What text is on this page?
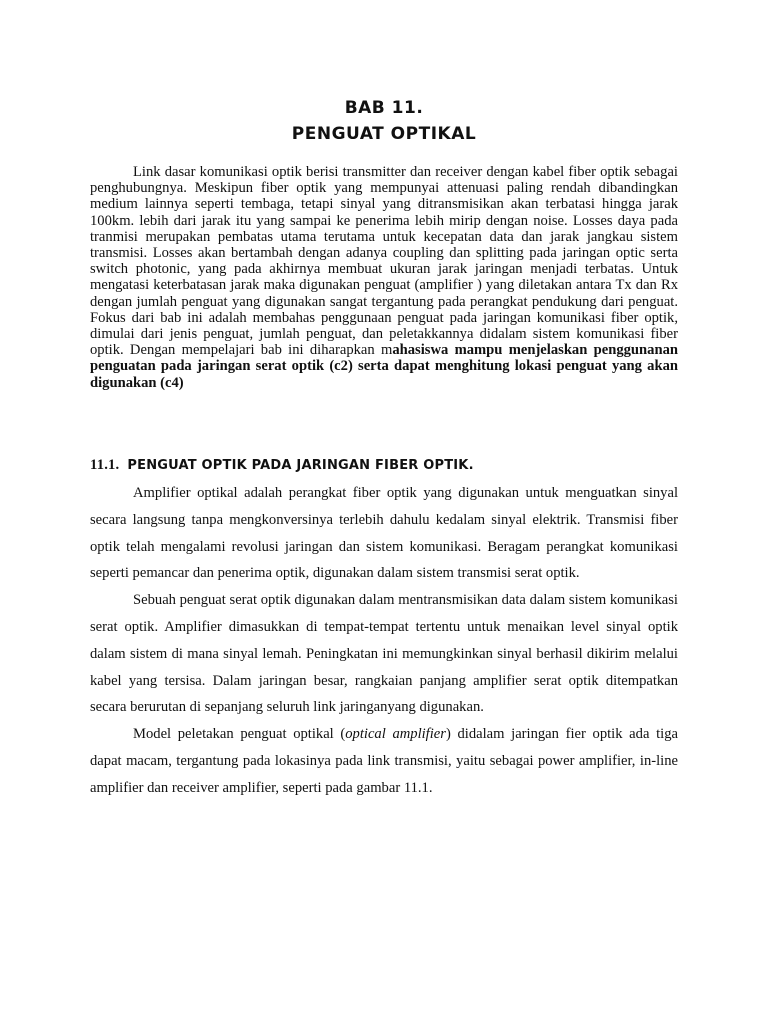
BAB 11.
PENGUAT OPTIKAL

Link dasar komunikasi optik berisi transmitter dan receiver dengan kabel fiber optik sebagai penghubungnya. Meskipun fiber optik yang mempunyai attenuasi paling rendah dibandingkan medium lainnya seperti tembaga, tetapi sinyal yang ditransmisikan akan terbatasi hingga jarak 100km. lebih dari jarak itu yang sampai ke penerima lebih mirip dengan noise. Losses daya pada tranmisi merupakan pembatas utama terutama untuk kecepatan data dan jarak jangkau sistem transmisi. Losses akan bertambah dengan adanya coupling dan splitting pada jaringan optic serta switch photonic, yang pada akhirnya membuat ukuran jarak jaringan menjadi terbatas. Untuk mengatasi keterbatasan jarak maka digunakan penguat (amplifier ) yang diletakan antara Tx dan Rx dengan jumlah penguat yang digunakan sangat tergantung pada perangkat pendukung dari penguat. Fokus dari bab ini adalah membahas penggunaan penguat pada jaringan komunikasi fiber optik, dimulai dari jenis penguat, jumlah penguat, dan peletakkannya didalam sistem komunikasi fiber optik. Dengan mempelajari bab ini diharapkan mahasiswa mampu menjelaskan penggunanan penguatan pada jaringan serat optik (c2) serta dapat menghitung lokasi penguat yang akan digunakan (c4)

11.1. PENGUAT OPTIK PADA JARINGAN FIBER OPTIK.

Amplifier optikal adalah perangkat fiber optik yang digunakan untuk menguatkan sinyal secara langsung tanpa mengkonversinya terlebih dahulu kedalam sinyal elektrik. Transmisi fiber optik telah mengalami revolusi jaringan dan sistem komunikasi. Beragam perangkat komunikasi seperti pemancar dan penerima optik, digunakan dalam sistem transmisi serat optik.

Sebuah penguat serat optik digunakan dalam mentransmisikan data dalam sistem komunikasi serat optik. Amplifier dimasukkan di tempat-tempat tertentu untuk menaikan level sinyal optik dalam sistem di mana sinyal lemah. Peningkatan ini memungkinkan sinyal berhasil dikirim melalui kabel yang tersisa. Dalam jaringan besar, rangkaian panjang amplifier serat optik ditempatkan secara berurutan di sepanjang seluruh link jaringanyang digunakan.

Model peletakan penguat optikal (optical amplifier) didalam jaringan fier optik ada tiga dapat macam, tergantung pada lokasinya pada link transmisi, yaitu sebagai power amplifier, in-line amplifier dan receiver amplifier, seperti pada gambar 11.1.
